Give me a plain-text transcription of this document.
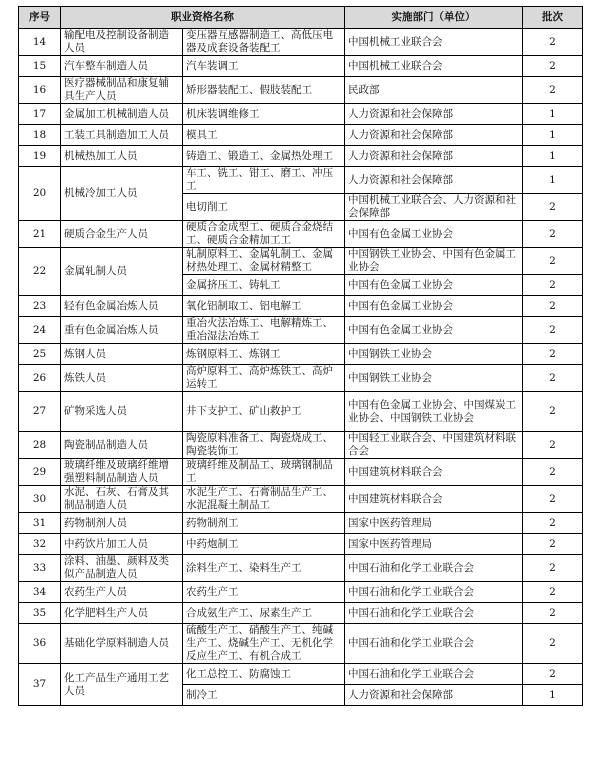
序号	职业资格名称		实施部门（单位）	批次
14	输配电及控制设备制造人员	变压器互感器制造工、高低压电器及成套设备装配工	中国机械工业联合会	2
15	汽车整车制造人员	汽车装调工	中国机械工业联合会	2
16	医疗器械制品和康复辅具生产人员	矫形器装配工、假肢装配工	民政部	2
17	金属加工机械制造人员	机床装调维修工	人力资源和社会保障部	1
18	工装工具制造加工人员	模具工	人力资源和社会保障部	1
19	机械热加工人员	铸造工、锻造工、金属热处理工	人力资源和社会保障部	1
20	机械冷加工人员	车工、铣工、钳工、磨工、冲压工	人力资源和社会保障部	1
		电切削工	中国机械工业联合会、人力资源和社会保障部	2
21	硬质合金生产人员	硬质合金成型工、硬质合金烧结工、硬质合金精加工工	中国有色金属工业协会	2
22	金属轧制人员	轧制原料工、金属轧制工、金属材热处理工、金属材精整工	中国钢铁工业协会、中国有色金属工业协会	2
		金属挤压工、铸轧工	中国有色金属工业协会	2
23	轻有色金属冶炼人员	氧化铝制取工、铝电解工	中国有色金属工业协会	2
24	重有色金属冶炼人员	重冶火法冶炼工、电解精炼工、重冶湿法冶炼工	中国有色金属工业协会	2
25	炼钢人员	炼钢原料工、炼钢工	中国钢铁工业协会	2
26	炼铁人员	高炉原料工、高炉炼铁工、高炉运转工	中国钢铁工业协会	2
27	矿物采选人员	井下支护工、矿山救护工	中国有色金属工业协会、中国煤炭工业协会、中国钢铁工业协会	2
28	陶瓷制品制造人员	陶瓷原料准备工、陶瓷烧成工、陶瓷装饰工	中国轻工业联合会、中国建筑材料联合会	2
29	玻璃纤维及玻璃纤维增强塑料制品制造人员	玻璃纤维及制品工、玻璃钢制品工	中国建筑材料联合会	2
30	水泥、石灰、石膏及其制品制造人员	水泥生产工、石膏制品生产工、水泥混凝土制品工	中国建筑材料联合会	2
31	药物制剂人员	药物制剂工	国家中医药管理局	2
32	中药饮片加工人员	中药炮制工	国家中医药管理局	2
33	涂料、油墨、颜料及类似产品制造人员	涂料生产工、染料生产工	中国石油和化学工业联合会	2
34	农药生产人员	农药生产工	中国石油和化学工业联合会	2
35	化学肥料生产人员	合成氨生产工、尿素生产工	中国石油和化学工业联合会	2
36	基础化学原料制造人员	硫酸生产工、硝酸生产工、纯碱生产工、烧碱生产工、无机化学反应生产工、有机合成工	中国石油和化学工业联合会	2
37	化工产品生产通用工艺人员	化工总控工、防腐蚀工	中国石油和化学工业联合会	2
		制冷工	人力资源和社会保障部	1
